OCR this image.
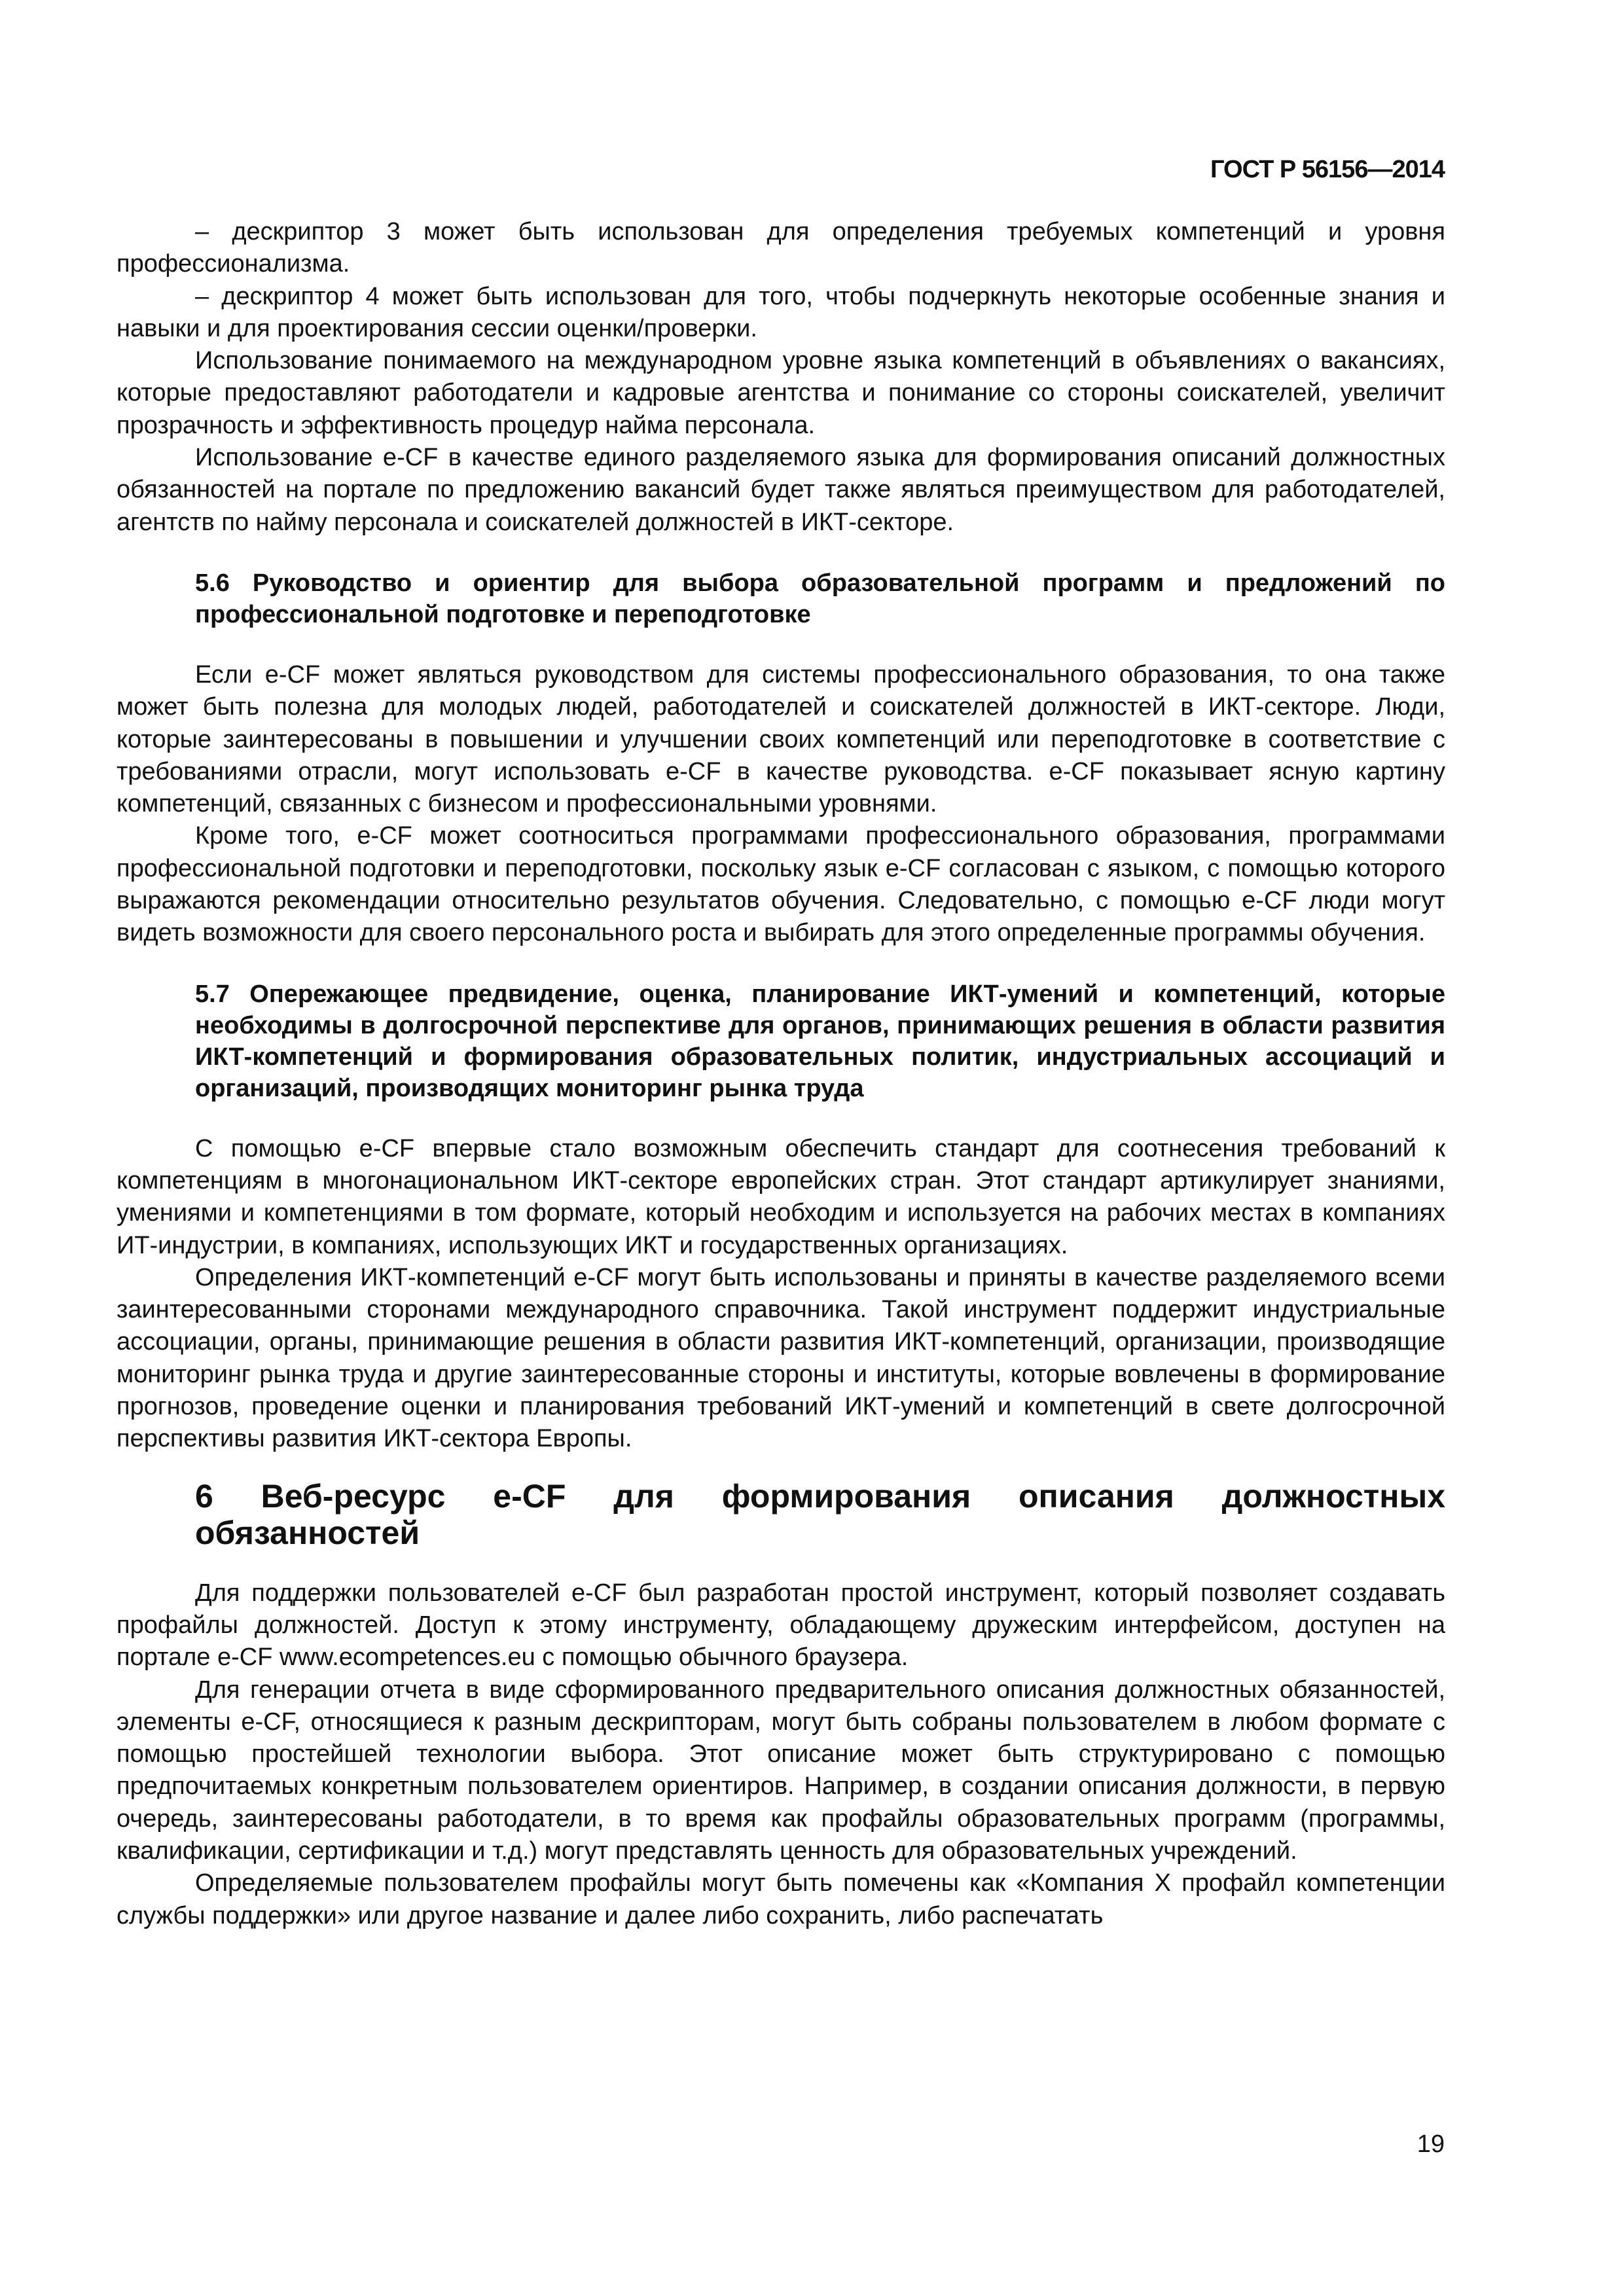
ГОСТ Р 56156—2014

– дескриптор 3 может быть использован для определения требуемых компетенций и уровня профессионализма.

– дескриптор 4 может быть использован для того, чтобы подчеркнуть некоторые особенные знания и навыки и для проектирования сессии оценки/проверки.

Использование понимаемого на международном уровне языка компетенций в объявлениях о вакансиях, которые предоставляют работодатели и кадровые агентства и понимание со стороны соискателей, увеличит прозрачность и эффективность процедур найма персонала.

Использование e-CF в качестве единого разделяемого языка для формирования описаний должностных обязанностей на портале по предложению вакансий будет также являться преимуществом для работодателей, агентств по найму персонала и соискателей должностей в ИКТ-секторе.

5.6 Руководство и ориентир для выбора образовательной программ и предложений по профессиональной подготовке и переподготовке

Если e-CF может являться руководством для системы профессионального образования, то она также может быть полезна для молодых людей, работодателей и соискателей должностей в ИКТ-секторе. Люди, которые заинтересованы в повышении и улучшении своих компетенций или переподготовке в соответствие с требованиями отрасли, могут использовать e-CF в качестве руководства. e-CF показывает ясную картину компетенций, связанных с бизнесом и профессиональными уровнями.

Кроме того, e-CF может соотноситься программами профессионального образования, программами профессиональной подготовки и переподготовки, поскольку язык e-CF согласован с языком, с помощью которого выражаются рекомендации относительно результатов обучения. Следовательно, с помощью e-CF люди могут видеть возможности для своего персонального роста и выбирать для этого определенные программы обучения.

5.7 Опережающее предвидение, оценка, планирование ИКТ-умений и компетенций, которые необходимы в долгосрочной перспективе для органов, принимающих решения в области развития ИКТ-компетенций и формирования образовательных политик, индустриальных ассоциаций и организаций, производящих мониторинг рынка труда

С помощью e-CF впервые стало возможным обеспечить стандарт для соотнесения требований к компетенциям в многонациональном ИКТ-секторе европейских стран. Этот стандарт артикулирует знаниями, умениями и компетенциями в том формате, который необходим и используется на рабочих местах в компаниях ИТ-индустрии, в компаниях, использующих ИКТ и государственных организациях.

Определения ИКТ-компетенций e-CF могут быть использованы и приняты в качестве разделяемого всеми заинтересованными сторонами международного справочника. Такой инструмент поддержит индустриальные ассоциации, органы, принимающие решения в области развития ИКТ-компетенций, организации, производящие мониторинг рынка труда и другие заинтересованные стороны и институты, которые вовлечены в формирование прогнозов, проведение оценки и планирования требований ИКТ-умений и компетенций в свете долгосрочной перспективы развития ИКТ-сектора Европы.

6 Веб-ресурс e-CF для формирования описания должностных обязанностей

Для поддержки пользователей e-CF был разработан простой инструмент, который позволяет создавать профайлы должностей. Доступ к этому инструменту, обладающему дружеским интерфейсом, доступен на портале e-CF www.ecompetences.eu с помощью обычного браузера.

Для генерации отчета в виде сформированного предварительного описания должностных обязанностей, элементы e-CF, относящиеся к разным дескрипторам, могут быть собраны пользователем в любом формате с помощью простейшей технологии выбора. Этот описание может быть структурировано с помощью предпочитаемых конкретным пользователем ориентиров. Например, в создании описания должности, в первую очередь, заинтересованы работодатели, в то время как профайлы образовательных программ (программы, квалификации, сертификации и т.д.) могут представлять ценность для образовательных учреждений.

Определяемые пользователем профайлы могут быть помечены как «Компания X профайл компетенции службы поддержки» или другое название и далее либо сохранить, либо распечатать

19
